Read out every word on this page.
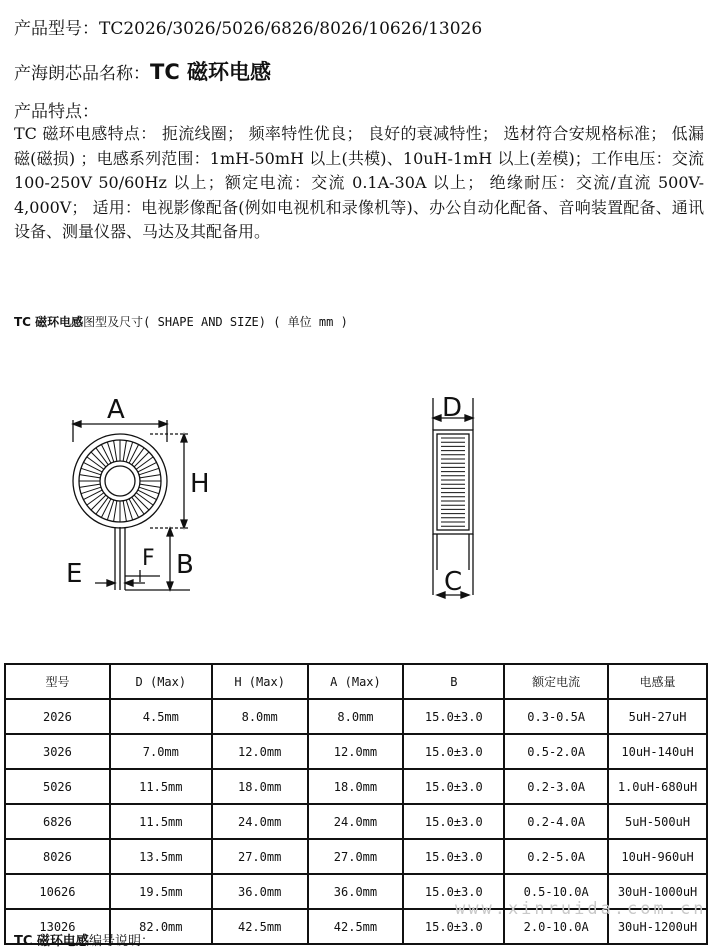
产品型号：TC2026/3026/5026/6826/8026/10626/13026
产海朗芯品名称：TC 磁环电感
产品特点：
TC 磁环电感特点： 扼流线圈； 频率特性优良； 良好的衰减特性； 选材符合安规格标准； 低漏磁(磁损) ；电感系列范围：1mH-50mH 以上(共模)、10uH-1mH 以上(差模)；工作电压：交流 100-250V 50/60Hz 以上；额定电流：交流 0.1A-30A 以上； 绝缘耐压：交流/直流 500V-4,000V； 适用：电视影像配备(例如电视机和录像机等)、办公自动化配备、音响装置配备、通讯设备、测量仪器、马达及其配备用。
TC 磁环电感图型及尺寸( SHAPE AND SIZE) ( 单位 mm )
A
H
F B
E
D
C
型号	D (Max)	H (Max)	A (Max)	B	额定电流	电感量
2026	4.5mm	8.0mm	8.0mm	15.0±3.0	0.3-0.5A	5uH-27uH
3026	7.0mm	12.0mm	12.0mm	15.0±3.0	0.5-2.0A	10uH-140uH
5026	11.5mm	18.0mm	18.0mm	15.0±3.0	0.2-3.0A	1.0uH-680uH
6826	11.5mm	24.0mm	24.0mm	15.0±3.0	0.2-4.0A	5uH-500uH
8026	13.5mm	27.0mm	27.0mm	15.0±3.0	0.2-5.0A	10uH-960uH
10626	19.5mm	36.0mm	36.0mm	15.0±3.0	0.5-10.0A	30uH-1000uH
13026	82.0mm	42.5mm	42.5mm	15.0±3.0	2.0-10.0A	30uH-1200uH
www.xinruida.com.cn
TC 磁环电感编号说明：
